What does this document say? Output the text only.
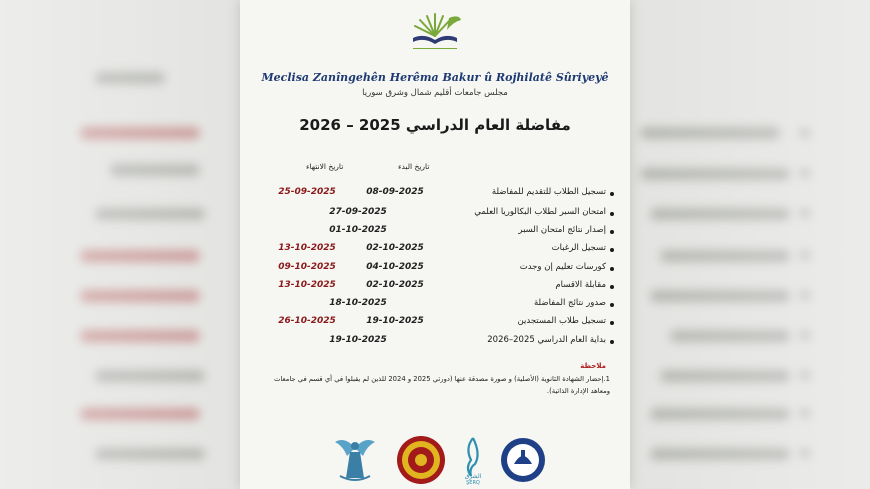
Meclisa Zanîngehên Herêma Bakur û Rojhilatê Sûriyeyê
مجلس جامعات أقليم شمال وشرق سوريا
مفاضلة العام الدراسي 2025 – 2026
تاريخ البدء
تاريخ الانتهاء
تسجيل الطلاب للتقديم للمفاضلة
08-09-2025
25-09-2025
امتحان السبر لطلاب البكالوريا العلمي
27-09-2025
إصدار نتائج امتحان السبر
01-10-2025
تسجيل الرغبات
02-10-2025
13-10-2025
كورسات تعليم إن وجدت
04-10-2025
09-10-2025
مقابلة الاقسام
02-10-2025
13-10-2025
صدور نتائج المفاضلة
18-10-2025
تسجيل طلاب المستجدين
19-10-2025
26-10-2025
بداية العام الدراسي 2025–2026
19-10-2025
ملاحظة
1.إحضار الشهادة الثانوية (الأصلية) و صورة مصدقة عنها (دورتي 2025 و 2024 للذين لم يقبلوا في أي قسم في جامعات ومعاهد الإدارة الذاتية).
الشرق
ŞERQ
